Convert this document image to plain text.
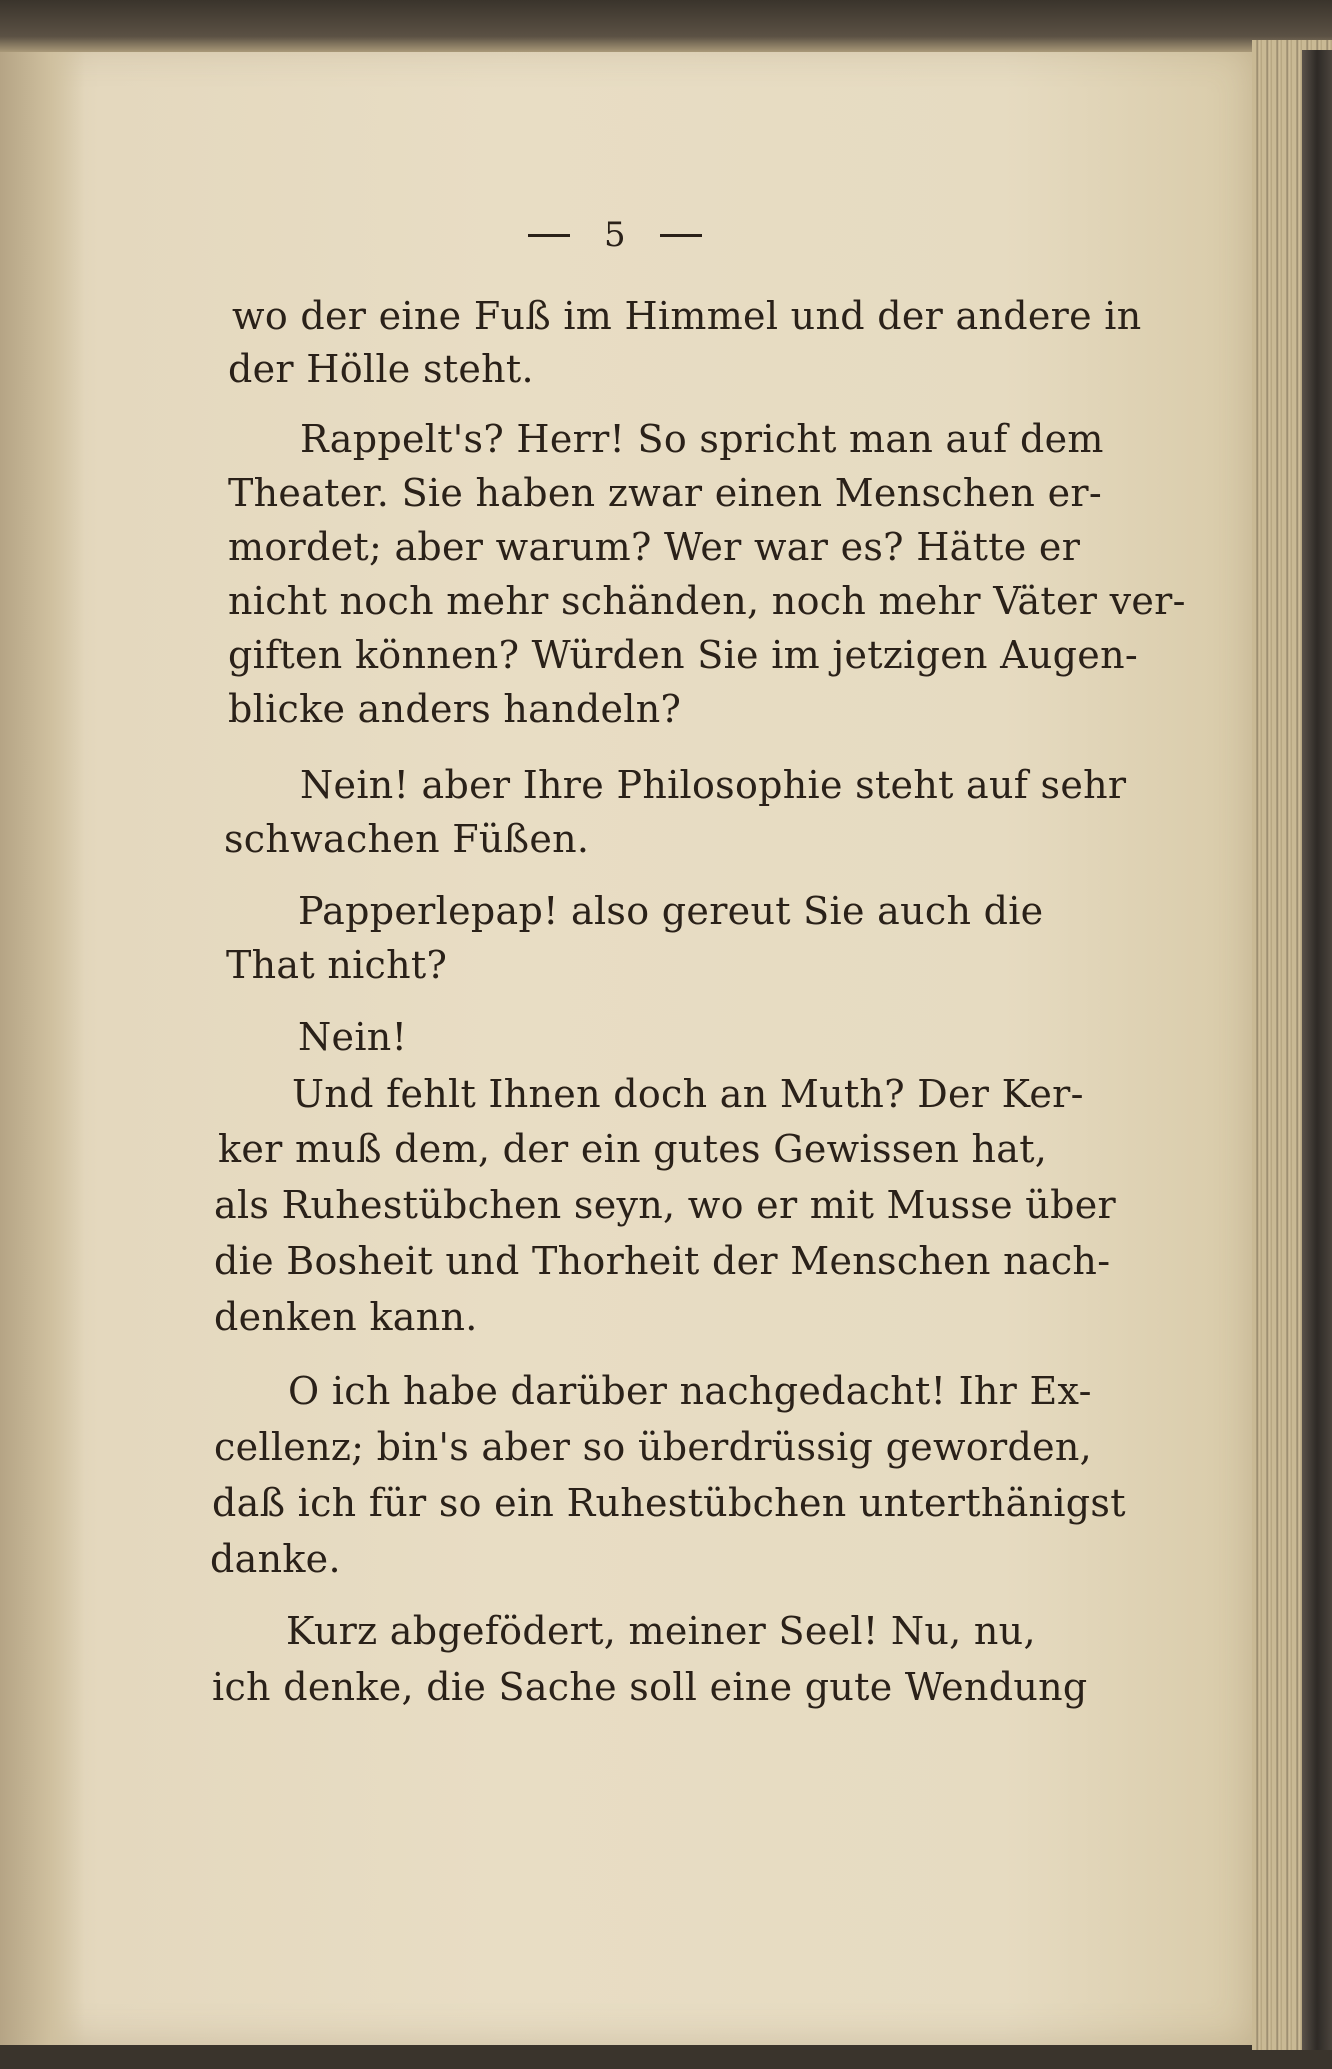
5
wo der eine Fuß im Himmel und der andere in
der Hölle steht.
Rappelt's? Herr! So spricht man auf dem
Theater. Sie haben zwar einen Menschen er-
mordet; aber warum? Wer war es? Hätte er
nicht noch mehr schänden, noch mehr Väter ver-
giften können? Würden Sie im jetzigen Augen-
blicke anders handeln?
Nein! aber Ihre Philosophie steht auf sehr
schwachen Füßen.
Papperlepap! also gereut Sie auch die
That nicht?
Nein!
Und fehlt Ihnen doch an Muth? Der Ker-
ker muß dem, der ein gutes Gewissen hat,
als Ruhestübchen seyn, wo er mit Musse über
die Bosheit und Thorheit der Menschen nach-
denken kann.
O ich habe darüber nachgedacht! Ihr Ex-
cellenz; bin's aber so überdrüssig geworden,
daß ich für so ein Ruhestübchen unterthänigst
danke.
Kurz abgefödert, meiner Seel! Nu, nu,
ich denke, die Sache soll eine gute Wendung
